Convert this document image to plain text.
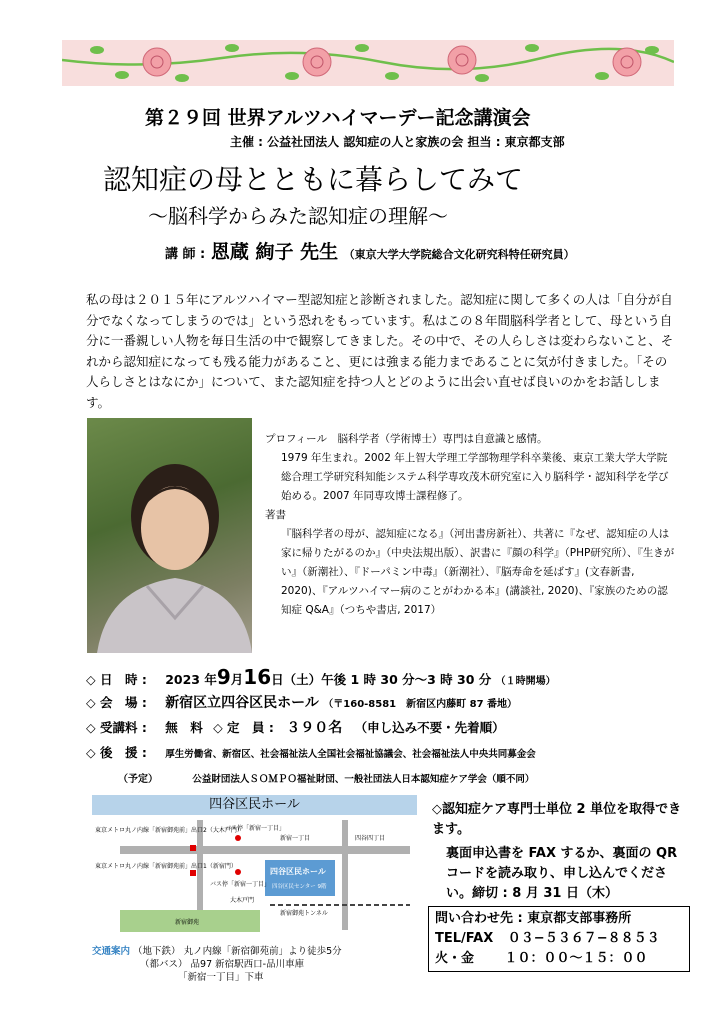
第２９回 世界アルツハイマーデー記念講演会
主催 : 公益社団法人 認知症の人と家族の会 担当 : 東京都支部
認知症の母とともに暮らしてみて
〜脳科学からみた認知症の理解〜
講 師 : 恩蔵 絢子 先生 （東京大学大学院総合文化研究科特任研究員）

私の母は２０１５年にアルツハイマー型認知症と診断されました。認知症に関して多くの人は「自分が自分でなくなってしまうのでは」という恐れをもっています。私はこの８年間脳科学者として、母という自分に一番親しい人物を毎日生活の中で観察してきました。その中で、その人らしさは変わらないこと、それから認知症になっても残る能力があること、更には強まる能力まであることに気が付きました。「その人らしさとはなにか」について、また認知症を持つ人とどのように出会い直せば良いのかをお話しします。

プロフィール　脳科学者（学術博士）専門は自意識と感情。

1979 年生まれ。2002 年上智大学理工学部物理学科卒業後、東京工業大学大学院総合理工学研究科知能システム科学専攻茂木研究室に入り脳科学・認知科学を学び始める。2007 年同専攻博士課程修了。

著書

『脳科学者の母が、認知症になる』（河出書房新社）、共著に『なぜ、認知症の人は家に帰りたがるのか』（中央法規出版）、訳書に『顔の科学』（PHP研究所）、『生きがい』（新潮社）、『ドーパミン中毒』（新潮社）、『脳寿命を延ばす』(文春新書, 2020)、『アルツハイマー病のことがわかる本』(講談社, 2020)、『家族のための認知症 Q&A』（つちや書店, 2017）

◇ 日　時 : 2023 年9月16日（土）午後 1 時 30 分〜3 時 30 分 （１時開場）
◇ 会　場 : 新宿区立四谷区民ホール （〒160-8581　新宿区内藤町 87 番地）
◇ 受講料 : 無　料 ◇ 定　員 : ３９０名 （申し込み不要・先着順）
◇ 後　援 : 厚生労働省、新宿区、社会福祉法人全国社会福祉協議会、社会福祉法人中央共同募金会
（予定）	公益財団法人ＳＯＭＰＯ福祉財団、一般社団法人日本認知症ケア学会（順不同）
四谷区民ホール
東京メトロ丸ノ内線「新宿御苑前」出口2（大木戸門）
東京メトロ丸ノ内線「新宿御苑前」出口1（新宿門）
バス停「新宿一丁目」
バス停「新宿一丁目」
新宿一丁目	四谷四丁目
四谷区民ホール
四谷区民センター 9階
大木戸門
新宿御苑トンネル
新宿御苑
交通案内 （地下鉄） 丸ノ内線「新宿御苑前」より徒歩5分
（都バス） 品97 新宿駅西口-品川車庫
「新宿一丁目」下車
◇認知症ケア専門士単位 2 単位を取得できます。
裏面申込書を FAX するか、裏面の QR コードを読み取り、申し込んでください。締切 : 8 月 31 日（木）
問い合わせ先 : 東京都支部事務所
TEL/FAX ０３−５３６７−８８５３
火・金 １０：００〜１５：００
